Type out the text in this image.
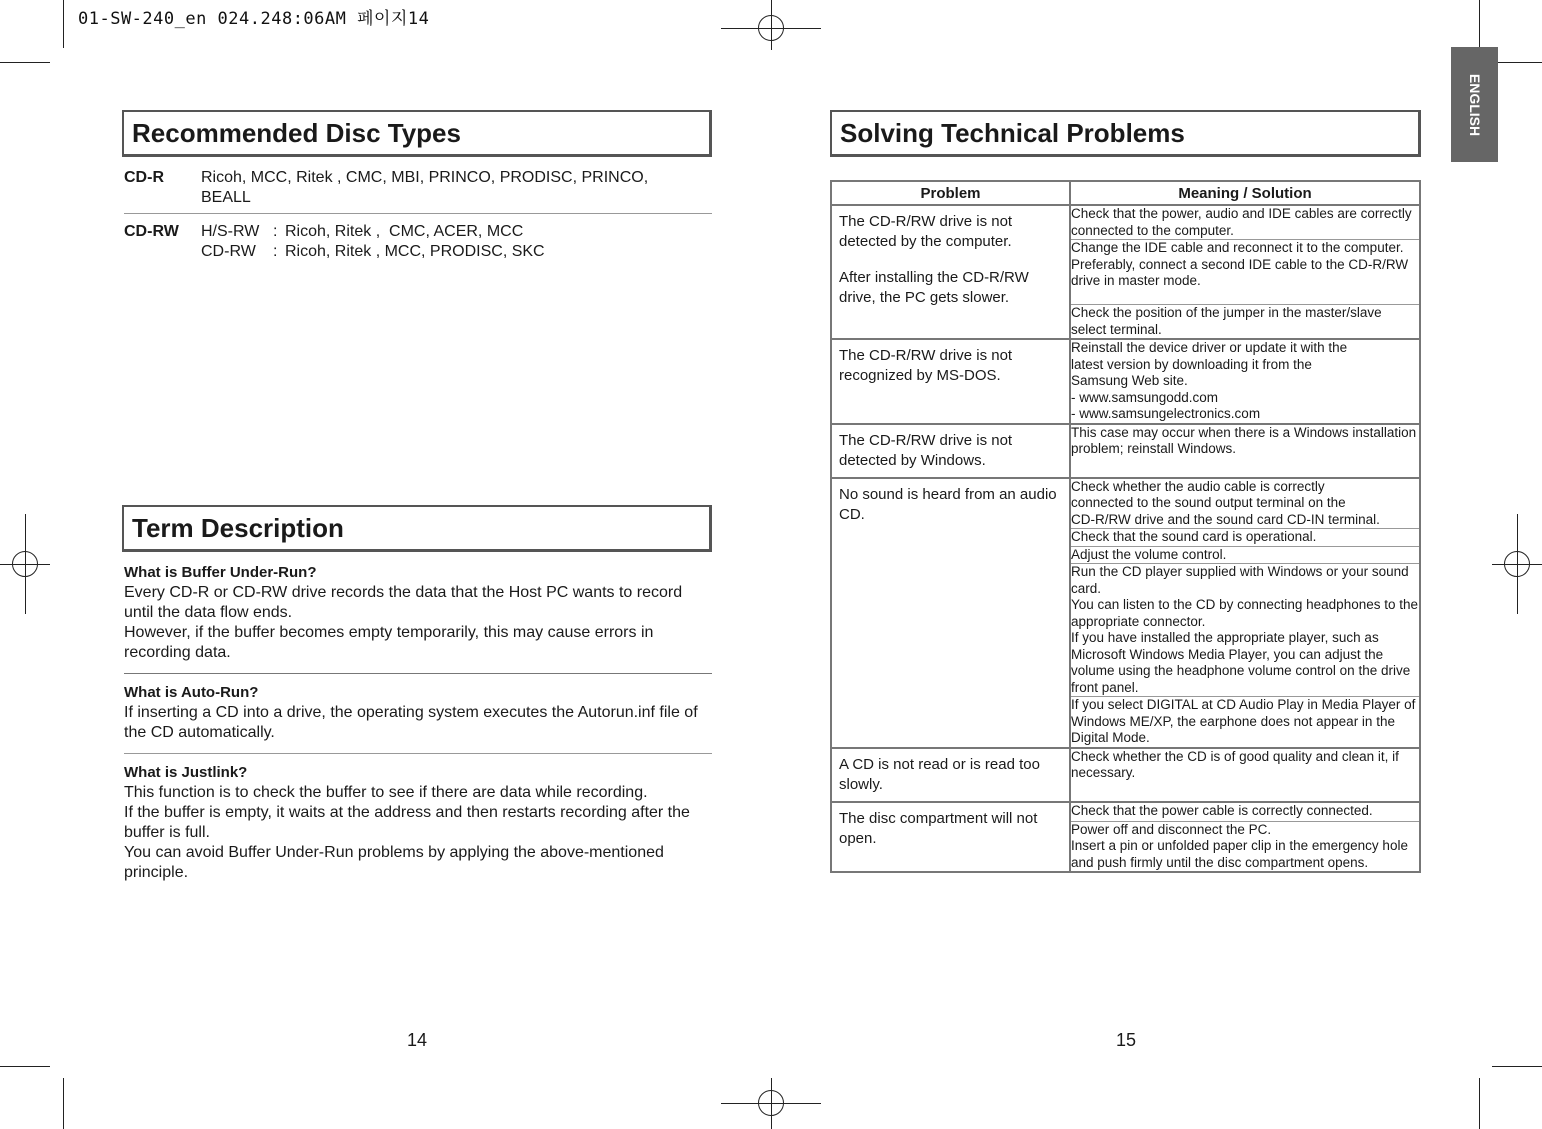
01-SW-240_en 024.248:06AM 페이지14
ENGLISH
Recommended Disc Types
CD-R Ricoh, MCC, Ritek , CMC, MBI, PRINCO, PRODISC, PRINCO,
BEALL
CD-RW H/S-RW : Ricoh, Ritek ,  CMC, ACER, MCC
CD-RW : Ricoh, Ritek , MCC, PRODISC, SKC
Term Description
What is Buffer Under-Run?
Every CD-R or CD-RW drive records the data that the Host PC wants to record until the data flow ends.
However, if the buffer becomes empty temporarily, this may cause errors in recording data.
What is Auto-Run?
If inserting a CD into a drive, the operating system executes the Autorun.inf file of the CD automatically.
What is Justlink?
This function is to check the buffer to see if there are data while recording.
If the buffer is empty, it waits at the address and then restarts recording after the buffer is full.
You can avoid Buffer Under-Run problems by applying the above-mentioned principle.
14
Solving Technical Problems
Problem	Meaning / Solution

The CD-R/RW drive is not detected by the computer.

After installing the CD-R/RW drive, the PC gets slower.	Check that the power, audio and IDE cables are correctly connected to the computer.

	Change the IDE cable and reconnect it to the computer.
Preferably, connect a second IDE cable to the CD-R/RW drive in master mode.

	Check the position of the jumper in the master/slave select terminal.

The CD-R/RW drive is not recognized by MS-DOS.	Reinstall the device driver or update it with the
latest version by downloading it from the
Samsung Web site.
- www.samsungodd.com
- www.samsungelectronics.com

The CD-R/RW drive is not detected by Windows.	This case may occur when there is a Windows installation problem; reinstall Windows.

No sound is heard from an audio CD.	Check whether the audio cable is correctly
connected to the sound output terminal on the
CD-R/RW drive and the sound card CD-IN terminal.

	Check that the sound card is operational.

	Adjust the volume control.

	Run the CD player supplied with Windows or your sound card.
You can listen to the CD by connecting headphones to the appropriate connector.
If you have installed the appropriate player, such as Microsoft Windows Media Player, you can adjust the volume using the headphone volume control on the drive front panel.

	If you select DIGITAL at CD Audio Play in Media Player of Windows ME/XP, the earphone does not appear in the Digital Mode.

A CD is not read or is read too slowly.	Check whether the CD is of good quality and clean it, if necessary.

The disc compartment will not open.	Check that the power cable is correctly connected.

	Power off and disconnect the PC.
Insert a pin or unfolded paper clip in the emergency hole and push firmly until the disc compartment opens.
15
